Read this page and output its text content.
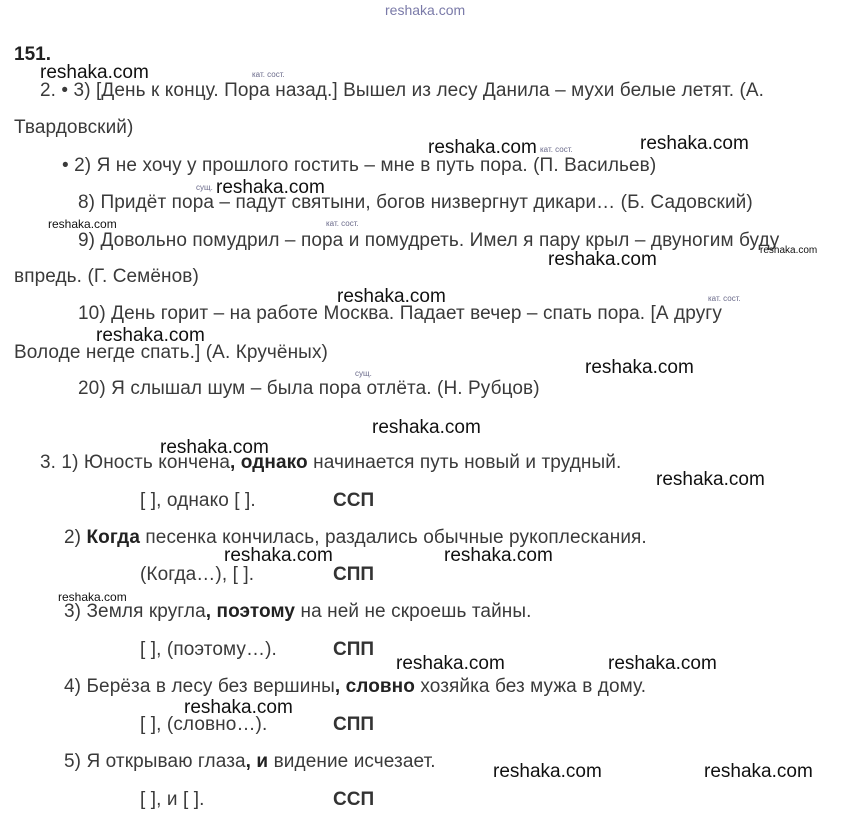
reshaka.com
151.
кат. сост.
2. • 3) [День к концу. Пора назад.] Вышел из лесу Данила – мухи белые летят. (А.
Твардовский)
кат. сост.
• 2) Я не хочу у прошлого гостить – мне в путь пора. (П. Васильев)
сущ.
8) Придёт пора – падут святыни, богов низвергнут дикари… (Б. Садовский)
кат. сост.
9) Довольно помудрил – пора и помудреть. Имел я пару крыл – двуногим буду
впредь. (Г. Семёнов)
кат. сост.
10) День горит – на работе Москва. Падает вечер – спать пора. [А другу
Володе негде спать.] (А. Кручёных)
сущ.
20) Я слышал шум – была пора отлёта. (Н. Рубцов)
3. 1) Юность кончена, однако начинается путь новый и трудный.
[ ], однако [ ].	ССП
2) Когда песенка кончилась, раздались обычные рукоплескания.
(Когда…), [ ].	СПП
3) Земля кругла, поэтому на ней не скроешь тайны.
[ ], (поэтому…).	СПП
4) Берёза в лесу без вершины, словно хозяйка без мужа в дому.
[ ], (словно…).	СПП
5) Я открываю глаза, и видение исчезает.
[ ], и [ ].	ССП
reshaka.com
reshaka.com	reshaka.com
reshaka.com
reshaka.com
reshaka.com
reshaka.com
reshaka.com
reshaka.com
reshaka.com
reshaka.com
reshaka.com
reshaka.com
reshaka.com	reshaka.com
reshaka.com
reshaka.com	reshaka.com
reshaka.com
reshaka.com	reshaka.com
